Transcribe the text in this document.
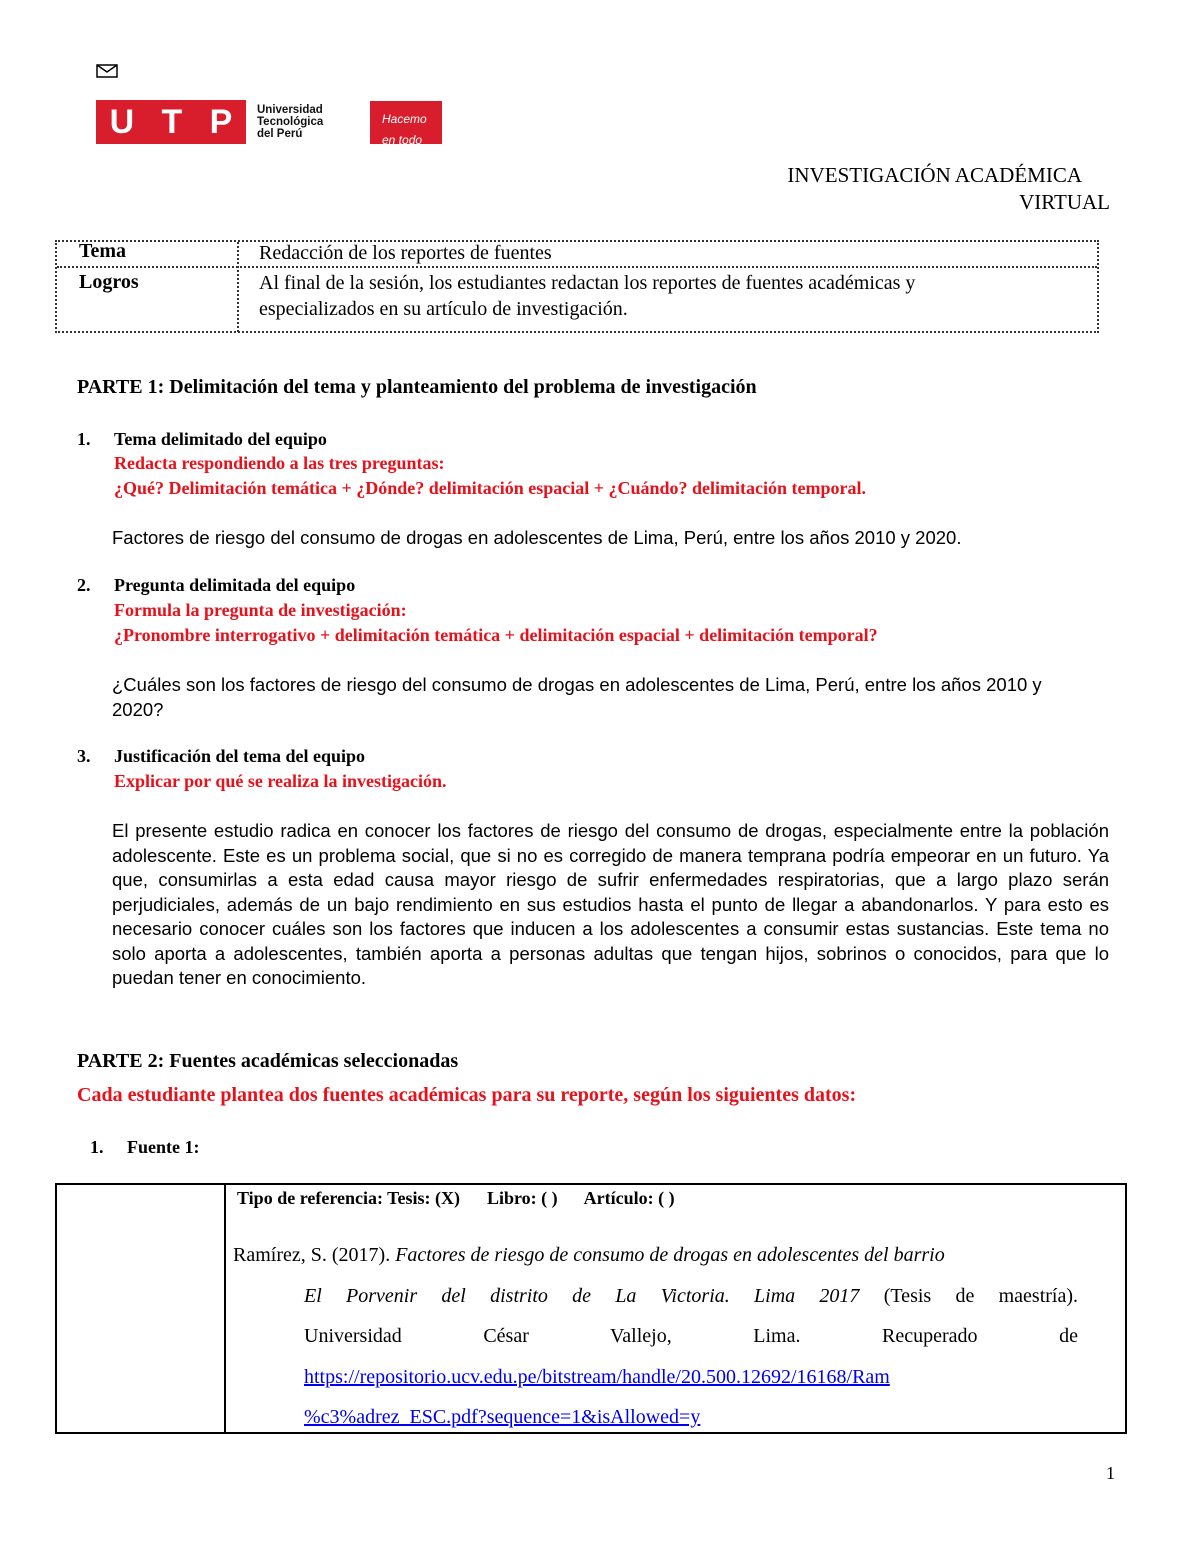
U T P Universidad
Tecnológica
del Perú
Hacemo
en todo
INVESTIGACIÓN ACADÉMICA
VIRTUAL
Tema	Redacción de los reportes de fuentes
Logros	Al final de la sesión, los estudiantes redactan los reportes de fuentes académicas y
especializados en su artículo de investigación.
PARTE 1: Delimitación del tema y planteamiento del problema de investigación
1. Tema delimitado del equipo
Redacta respondiendo a las tres preguntas:
¿Qué? Delimitación temática + ¿Dónde? delimitación espacial + ¿Cuándo? delimitación temporal.
Factores de riesgo del consumo de drogas en adolescentes de Lima, Perú, entre los años 2010 y 2020.
2. Pregunta delimitada del equipo
Formula la pregunta de investigación:
¿Pronombre interrogativo + delimitación temática + delimitación espacial + delimitación temporal?
¿Cuáles son los factores de riesgo del consumo de drogas en adolescentes de Lima, Perú, entre los años 2010 y 2020?
3. Justificación del tema del equipo
Explicar por qué se realiza la investigación.
El presente estudio radica en conocer los factores de riesgo del consumo de drogas, especialmente entre la población adolescente. Este es un problema social, que si no es corregido de manera temprana podría empeorar en un futuro. Ya que, consumirlas a esta edad causa mayor riesgo de sufrir enfermedades respiratorias, que a largo plazo serán perjudiciales, además de un bajo rendimiento en sus estudios hasta el punto de llegar a abandonarlos. Y para esto es necesario conocer cuáles son los factores que inducen a los adolescentes a consumir estas sustancias. Este tema no solo aporta a adolescentes, también aporta a personas adultas que tengan hijos, sobrinos o conocidos, para que lo puedan tener en conocimiento.
PARTE 2: Fuentes académicas seleccionadas
Cada estudiante plantea dos fuentes académicas para su reporte, según los siguientes datos:
1. Fuente 1:
Tipo de referencia: Tesis: (X)      Libro: ( )      Artículo: ( )
Ramírez, S. (2017). Factores de riesgo de consumo de drogas en adolescentes del barrio
El Porvenir del distrito de La Victoria. Lima 2017 (Tesis de maestría).
Universidad César Vallejo, Lima. Recuperado de
https://repositorio.ucv.edu.pe/bitstream/handle/20.500.12692/16168/Ram
%c3%adrez_ESC.pdf?sequence=1&isAllowed=y
1
